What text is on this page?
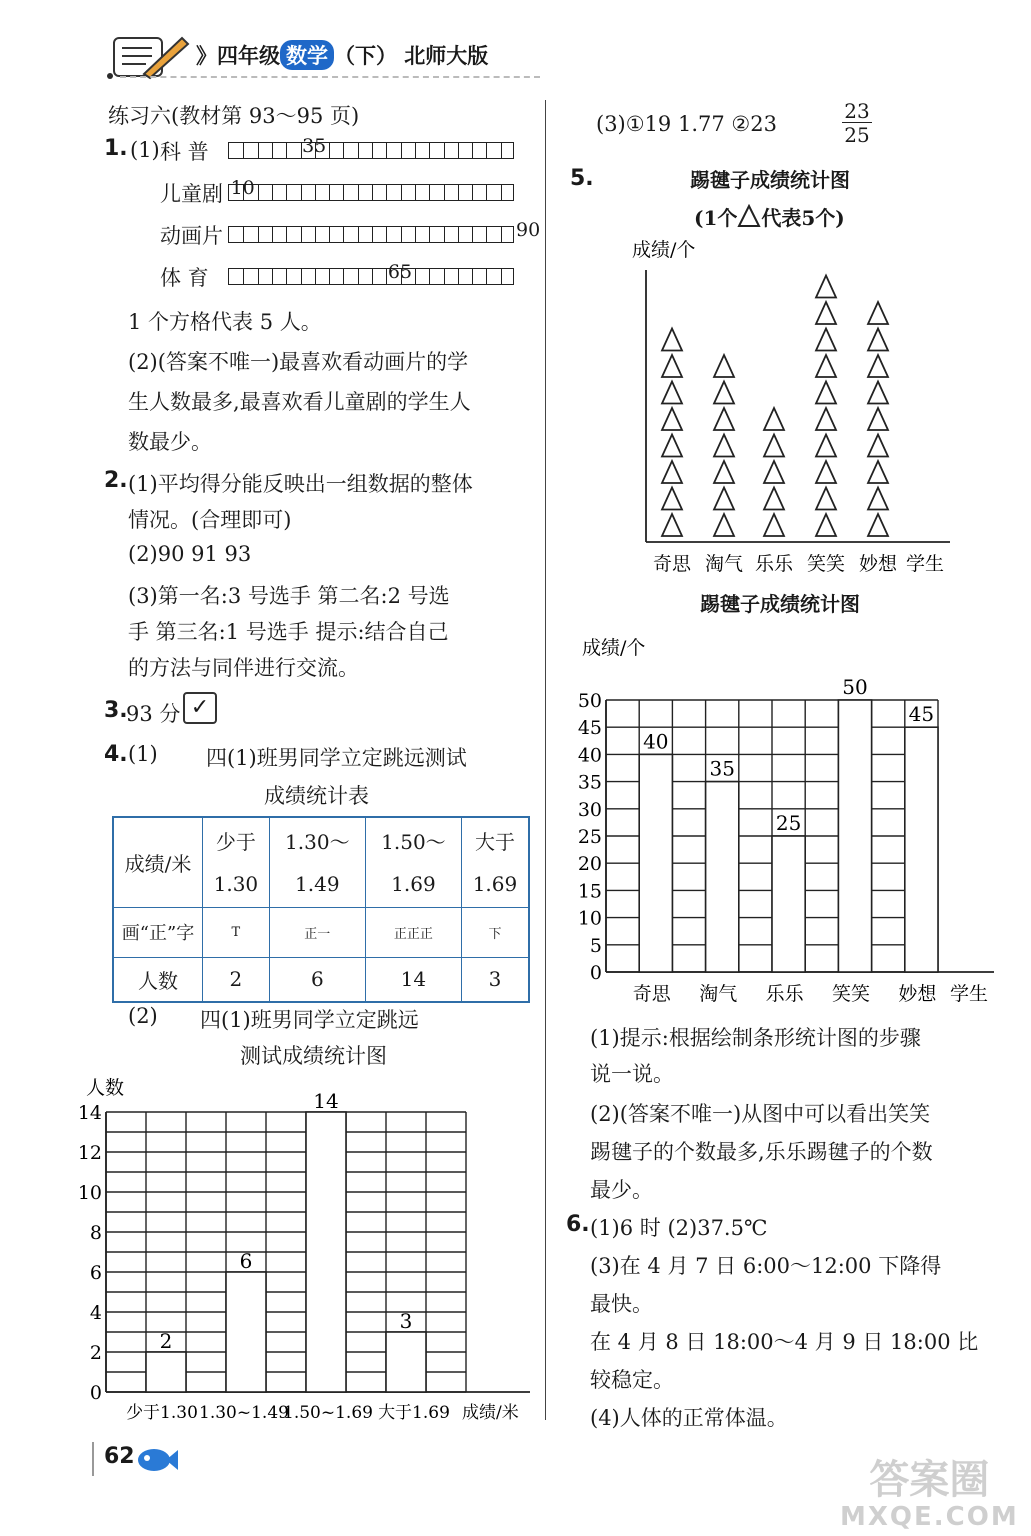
》四年级 数学 （下） 北师大版
练习六(教材第 93～95 页)
1. (1) 科 普	35
儿童剧 10
动画片	90
体 育	65
1 个方格代表 5 人。
(2)(答案不唯一)最喜欢看动画片的学
生人数最多,最喜欢看儿童剧的学生人
数最少。
2. (1)平均得分能反映出一组数据的整体
情况。(合理即可)
(2)90 91 93
(3)第一名:3 号选手 第二名:2 号选
手 第三名:1 号选手 提示:结合自己
的方法与同伴进行交流。
3.
93 分 ✓
4. (1) 四(1)班男同学立定跳远测试
成绩统计表
成绩/米	少于	1.30～	1.50～	大于
	1.30	1.49	1.69	1.69
画“正”字	T	正一	正正正	下
人数	2	6	14	3
(2) 四(1)班男同学立定跳远
测试成绩统计图
人数
0
2
4
6
8
10
12
14
2
6
14
3
少于1.30 1.30~1.49
1.50~1.69 大于1.69 成绩/米
(3)①19 1.77 ②23	$\frac{23}{25}$
5.	踢毽子成绩统计图
(1个 代表5个)
成绩/个
奇思 淘气 乐乐 笑笑 妙想 学生
踢毽子成绩统计图
成绩/个
0
5
10
15
20
25
30
35
40
45
50
40
35
25
50
45
奇思 淘气 乐乐 笑笑 妙想 学生
(1)提示:根据绘制条形统计图的步骤
说一说。
(2)(答案不唯一)从图中可以看出笑笑
踢毽子的个数最多,乐乐踢毽子的个数
最少。
6. (1)6 时 (2)37.5℃
(3)在 4 月 7 日 6:00～12:00 下降得
最快。
在 4 月 8 日 18:00～4 月 9 日 18:00 比
较稳定。
(4)人体的正常体温。
62
答案圈
MXQE.COM
